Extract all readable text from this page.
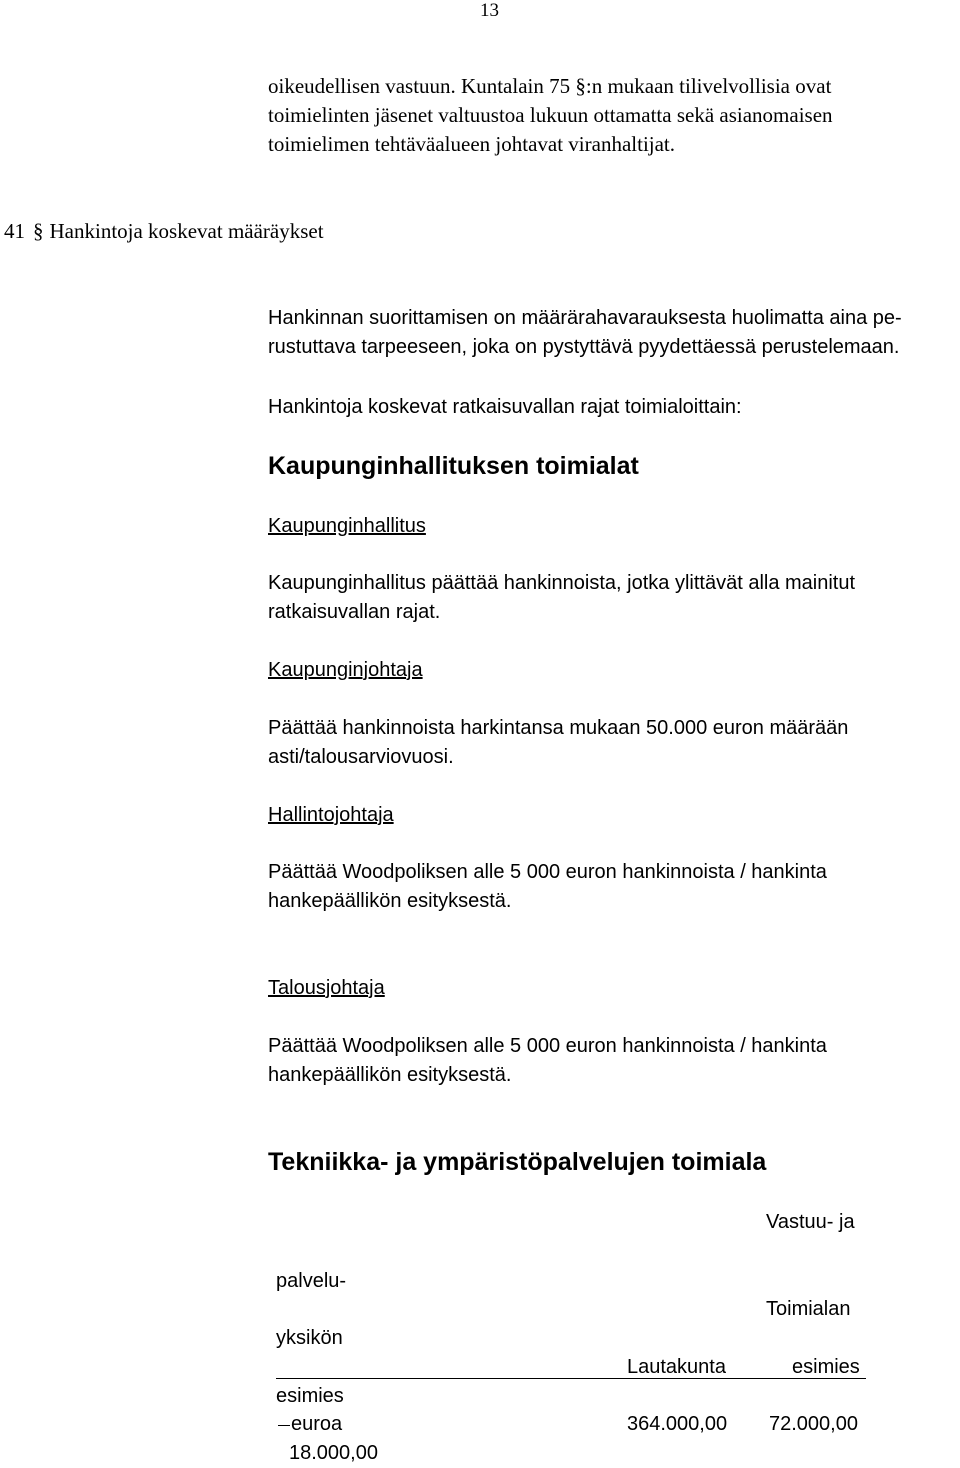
13
oikeudellisen vastuun. Kuntalain 75 §:n mukaan tilivelvollisia ovat
toimielinten jäsenet valtuustoa lukuun ottamatta sekä asianomaisen
toimielimen tehtäväalueen johtavat viranhaltijat.
41 § Hankintoja koskevat määräykset
Hankinnan suorittamisen on määrärahavarauksesta huolimatta aina pe-
rustuttava tarpeeseen, joka on pystyttävä pyydettäessä perustelemaan.
Hankintoja koskevat ratkaisuvallan rajat toimialoittain:
Kaupunginhallituksen toimialat
Kaupunginhallitus
Kaupunginhallitus päättää hankinnoista, jotka ylittävät alla mainitut
ratkaisuvallan rajat.
Kaupunginjohtaja
Päättää hankinnoista harkintansa mukaan 50.000 euron määrään
asti/talousarviovuosi.
Hallintojohtaja
Päättää Woodpoliksen alle 5 000 euron hankinnoista / hankinta
hankepäällikön esityksestä.
Talousjohtaja
Päättää Woodpoliksen alle 5 000 euron hankinnoista / hankinta
hankepäällikön esityksestä.
Tekniikka- ja ympäristöpalvelujen toimiala
Vastuu- ja
palvelu-
Toimialan
yksikön
Lautakunta	esimies
esimies
euroa	364.000,00 72.000,00
18.000,00
